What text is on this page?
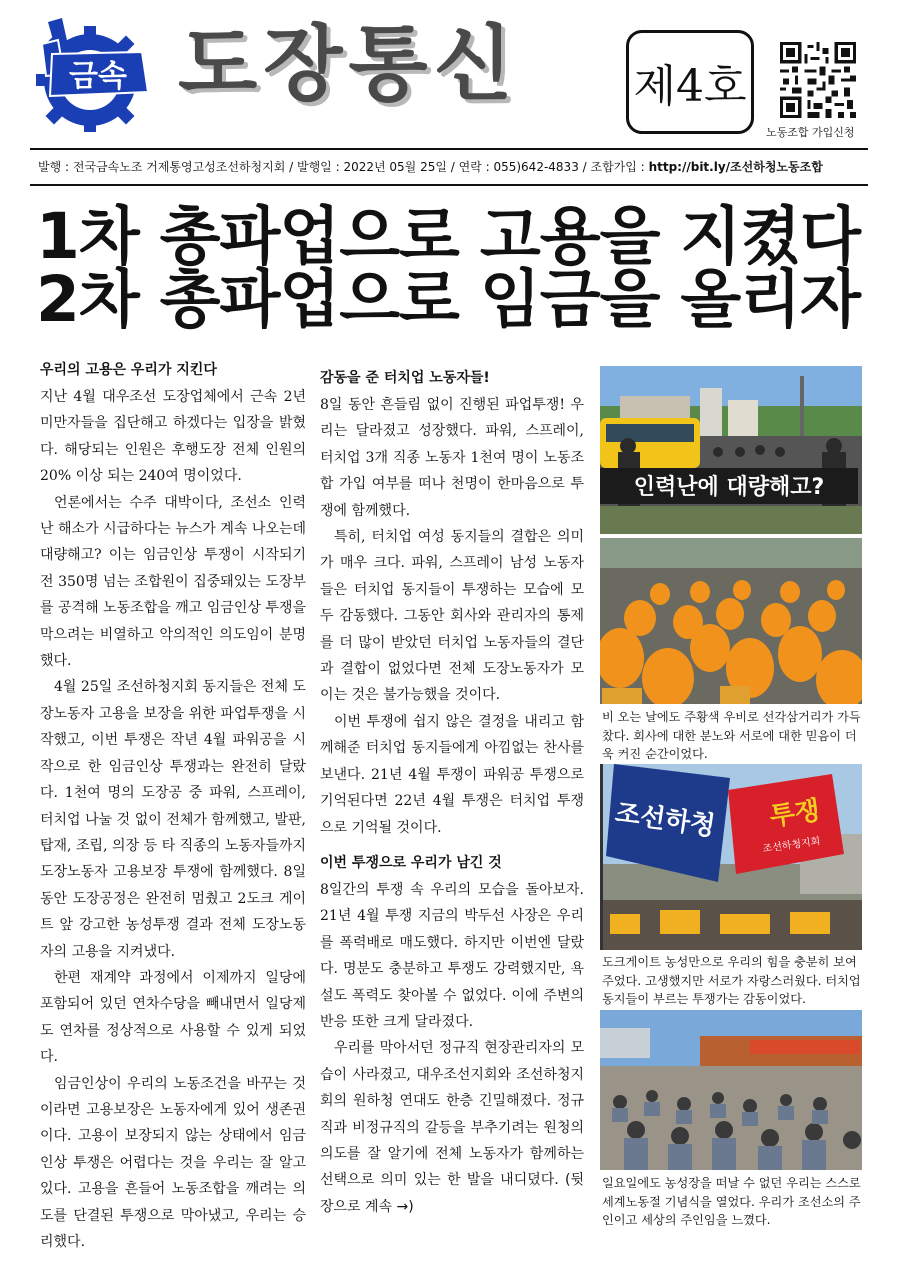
금속 도장통신	제4호
노동조합 가입신청
발행 : 전국금속노조 거제통영고성조선하청지회 / 발행일 : 2022년 05월 25일 / 연락 : 055)642-4833 / 조합가입 : http://bit.ly/조선하청노동조합
1차 총파업으로 고용을 지켰다
2차 총파업으로 임금을 올리자
우리의 고용은 우리가 지킨다

지난 4월 대우조선 도장업체에서 근속 2년 미만자들을 집단해고 하겠다는 입장을 밝혔다. 해당되는 인원은 후행도장 전체 인원의 20% 이상 되는 240여 명이었다.

언론에서는 수주 대박이다, 조선소 인력난 해소가 시급하다는 뉴스가 계속 나오는데 대량해고? 이는 임금인상 투쟁이 시작되기 전 350명 넘는 조합원이 집중돼있는 도장부를 공격해 노동조합을 깨고 임금인상 투쟁을 막으려는 비열하고 악의적인 의도임이 분명했다.

4월 25일 조선하청지회 동지들은 전체 도장노동자 고용을 보장을 위한 파업투쟁을 시작했고, 이번 투쟁은 작년 4월 파워공을 시작으로 한 임금인상 투쟁과는 완전히 달랐다. 1천여 명의 도장공 중 파워, 스프레이, 터치업 나눌 것 없이 전체가 함께했고, 발판, 탑재, 조립, 의장 등 타 직종의 노동자들까지 도장노동자 고용보장 투쟁에 함께했다. 8일 동안 도장공정은 완전히 멈췄고 2도크 게이트 앞 강고한 농성투쟁 결과 전체 도장노동자의 고용을 지켜냈다.

한편 재계약 과정에서 이제까지 일당에 포함되어 있던 연차수당을 빼내면서 일당제도 연차를 정상적으로 사용할 수 있게 되었다.

임금인상이 우리의 노동조건을 바꾸는 것이라면 고용보장은 노동자에게 있어 생존권이다. 고용이 보장되지 않는 상태에서 임금인상 투쟁은 어렵다는 것을 우리는 잘 알고 있다. 고용을 흔들어 노동조합을 깨려는 의도를 단결된 투쟁으로 막아냈고, 우리는 승리했다.

감동을 준 터치업 노동자들!

8일 동안 흔들림 없이 진행된 파업투쟁! 우리는 달라졌고 성장했다. 파워, 스프레이, 터치업 3개 직종 노동자 1천여 명이 노동조합 가입 여부를 떠나 천명이 한마음으로 투쟁에 함께했다.

특히, 터치업 여성 동지들의 결합은 의미가 매우 크다. 파워, 스프레이 남성 노동자들은 터치업 동지들이 투쟁하는 모습에 모두 감동했다. 그동안 회사와 관리자의 통제를 더 많이 받았던 터치업 노동자들의 결단과 결합이 없었다면 전체 도장노동자가 모이는 것은 불가능했을 것이다.

이번 투쟁에 쉽지 않은 결정을 내리고 함께해준 터치업 동지들에게 아낌없는 찬사를 보낸다. 21년 4월 투쟁이 파워공 투쟁으로 기억된다면 22년 4월 투쟁은 터치업 투쟁으로 기억될 것이다.

이번 투쟁으로 우리가 남긴 것

8일간의 투쟁 속 우리의 모습을 돌아보자. 21년 4월 투쟁 지금의 박두선 사장은 우리를 폭력배로 매도했다. 하지만 이번엔 달랐다. 명분도 충분하고 투쟁도 강력했지만, 욕설도 폭력도 찾아볼 수 없었다. 이에 주변의 반응 또한 크게 달라졌다.

우리를 막아서던 정규직 현장관리자의 모습이 사라졌고, 대우조선지회와 조선하청지회의 원하청 연대도 한층 긴밀해졌다. 정규직과 비정규직의 갈등을 부추기려는 원청의 의도를 잘 알기에 전체 노동자가 함께하는 선택으로 의미 있는 한 발을 내디뎠다. (뒷장으로 계속 →)

인력난에 대량해고?
비 오는 날에도 주황색 우비로 선각삼거리가 가득 찼다. 회사에 대한 분노와 서로에 대한 믿음이 더욱 커진 순간이었다.
조선하청 투쟁
조선하청지회
도크게이트 농성만으로 우리의 힘을 충분히 보여주었다. 고생했지만 서로가 자랑스러웠다. 터치업 동지들이 부르는 투쟁가는 감동이었다.
일요일에도 농성장을 떠날 수 없던 우리는 스스로 세계노동절 기념식을 열었다. 우리가 조선소의 주인이고 세상의 주인임을 느꼈다.
